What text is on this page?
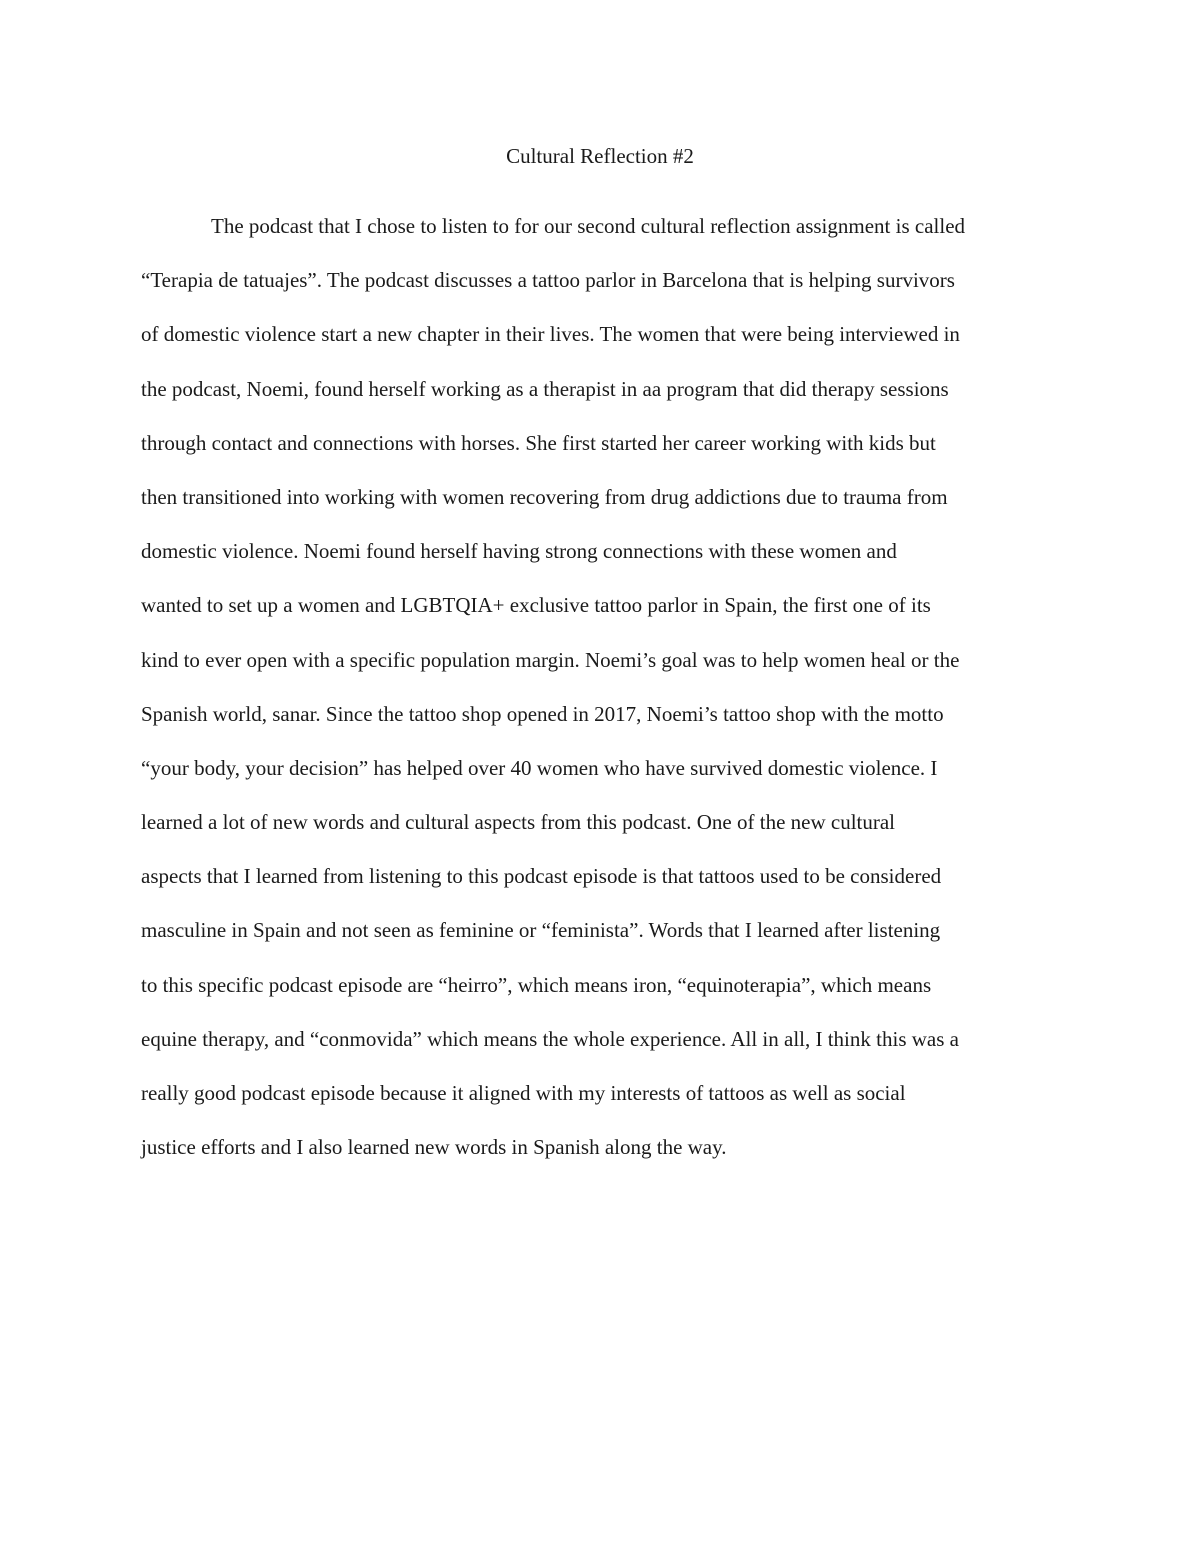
Cultural Reflection #2
The podcast that I chose to listen to for our second cultural reflection assignment is called
“Terapia de tatuajes”. The podcast discusses a tattoo parlor in Barcelona that is helping survivors
of domestic violence start a new chapter in their lives. The women that were being interviewed in
the podcast, Noemi, found herself working as a therapist in aa program that did therapy sessions
through contact and connections with horses. She first started her career working with kids but
then transitioned into working with women recovering from drug addictions due to trauma from
domestic violence. Noemi found herself having strong connections with these women and
wanted to set up a women and LGBTQIA+ exclusive tattoo parlor in Spain, the first one of its
kind to ever open with a specific population margin. Noemi’s goal was to help women heal or the
Spanish world, sanar. Since the tattoo shop opened in 2017, Noemi’s tattoo shop with the motto
“your body, your decision” has helped over 40 women who have survived domestic violence. I
learned a lot of new words and cultural aspects from this podcast. One of the new cultural
aspects that I learned from listening to this podcast episode is that tattoos used to be considered
masculine in Spain and not seen as feminine or “feminista”. Words that I learned after listening
to this specific podcast episode are “heirro”, which means iron, “equinoterapia”, which means
equine therapy, and “conmovida” which means the whole experience. All in all, I think this was a
really good podcast episode because it aligned with my interests of tattoos as well as social
justice efforts and I also learned new words in Spanish along the way.
